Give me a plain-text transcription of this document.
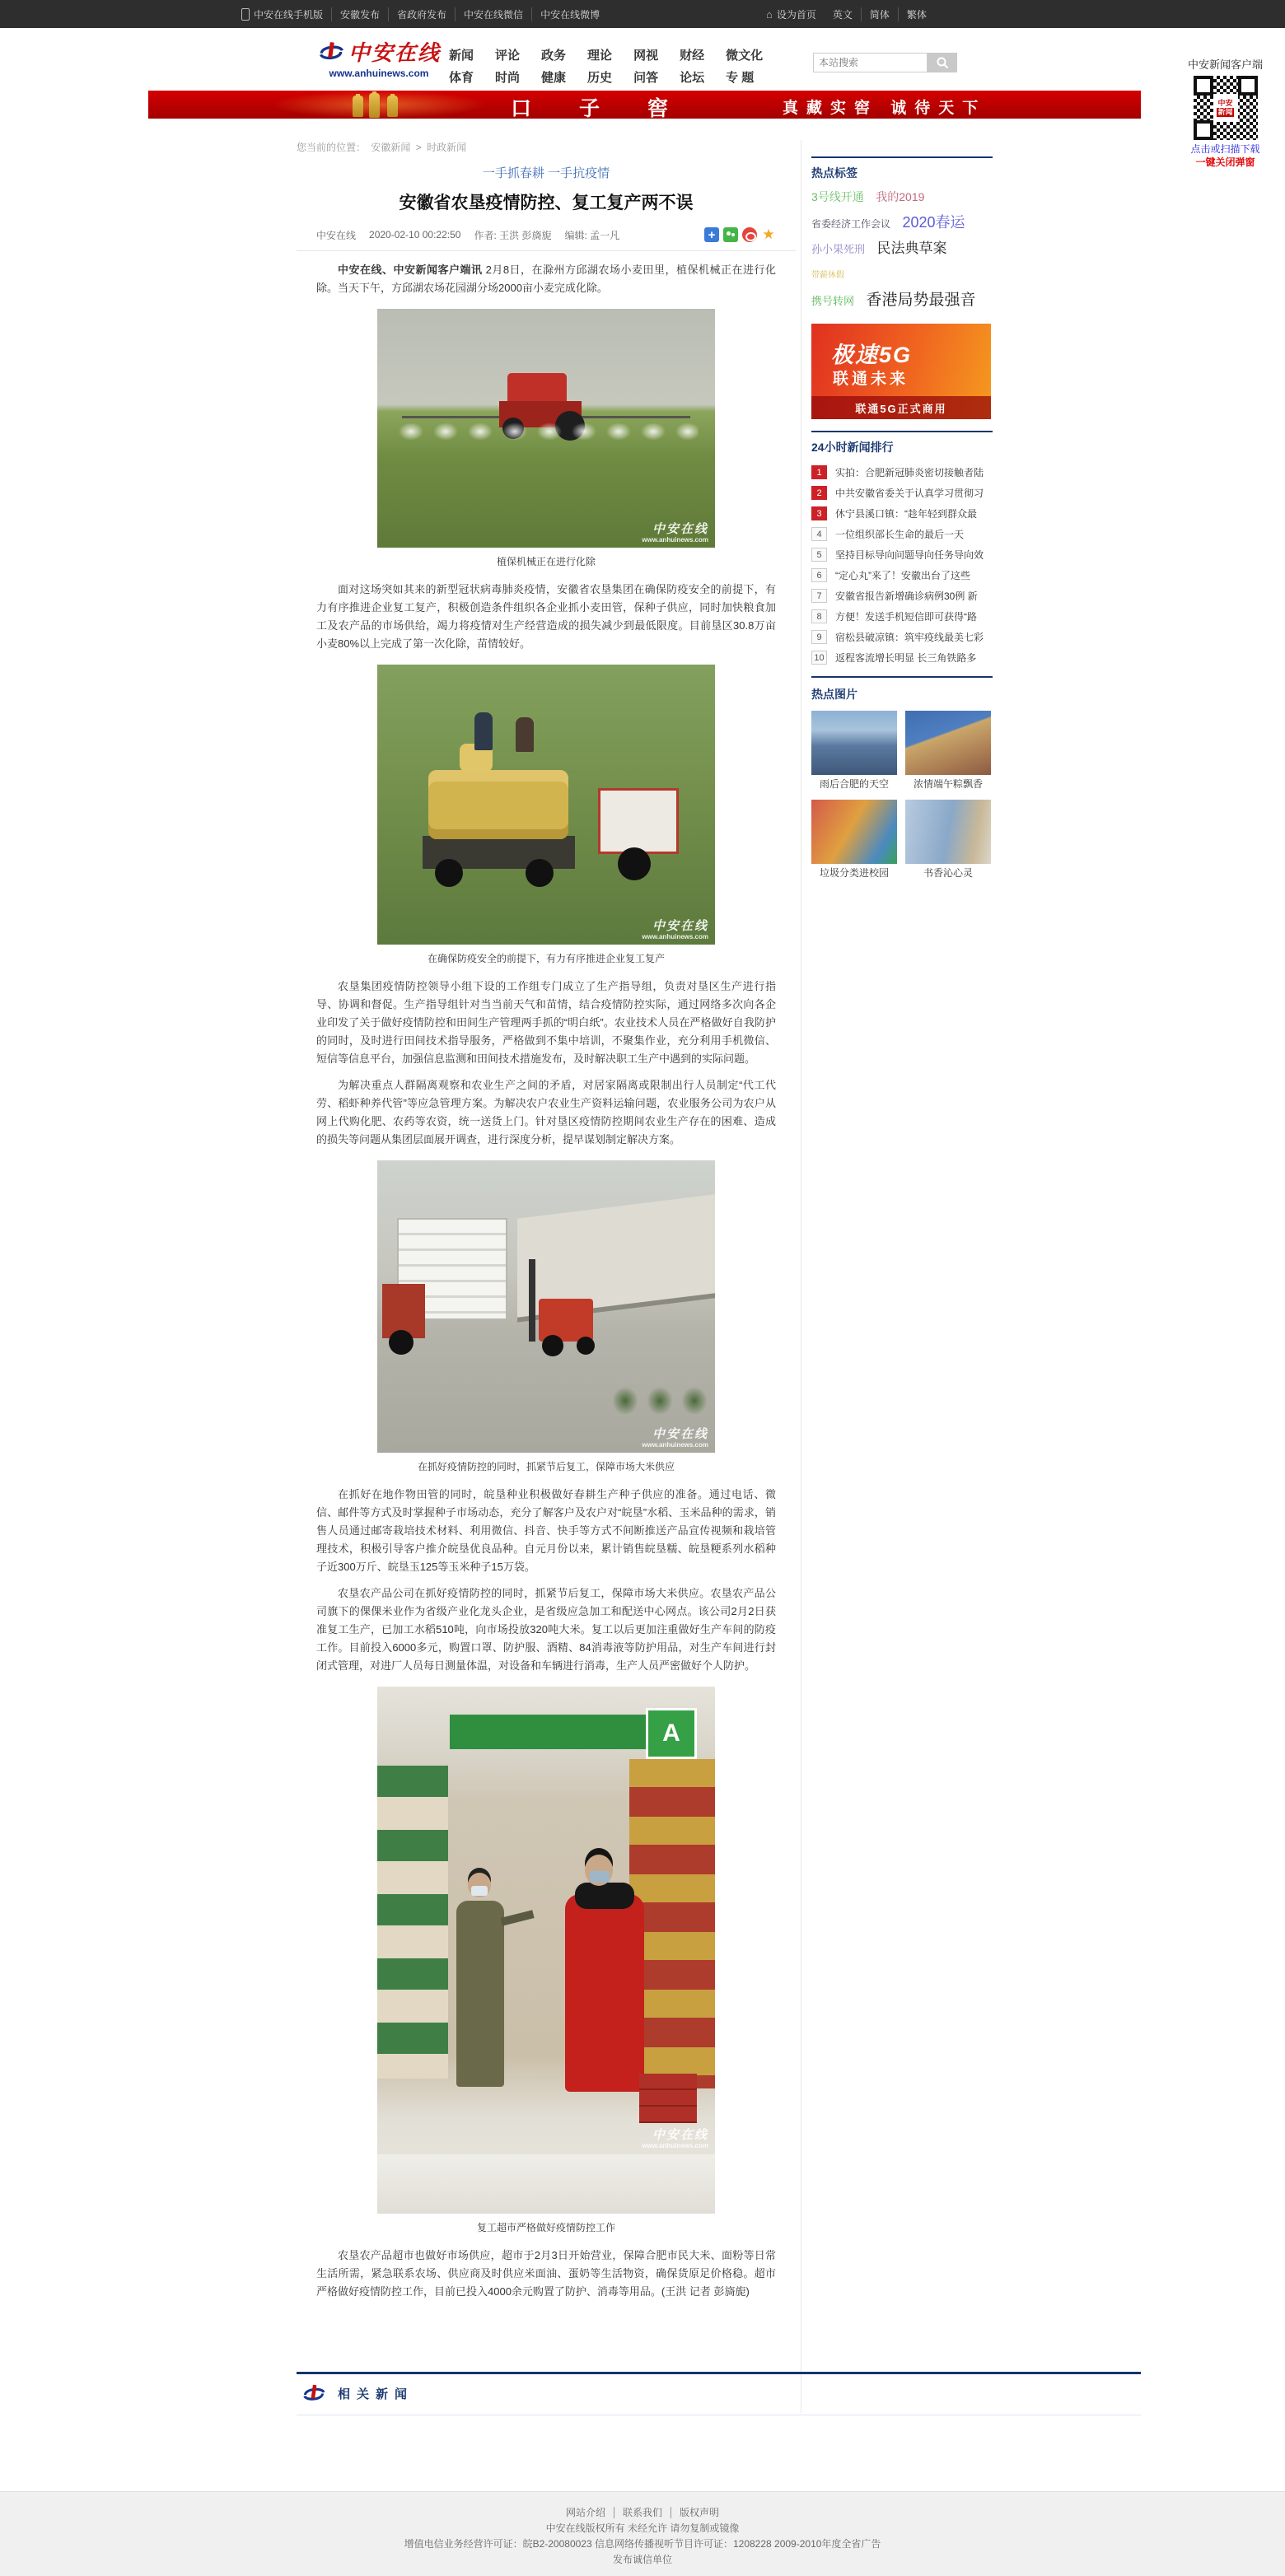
中安在线手机版 安徽发布 省政府发布 中安在线微信 中安在线微博	⌂ 设为首页 英文 简体 繁体
中安在线
www.anhuinews.com
新闻 评论 政务 理论 网视 财经 微文化
体育 时尚 健康 历史 问答 论坛 专 题
本站搜索
中安新闻客户端
中安
新闻
点击或扫描下载
一键关闭弹窗
口子窖	真藏实窖 诚待天下
您当前的位置： 安徽新闻 > 时政新闻
一手抓春耕 一手抗疫情
安徽省农垦疫情防控、复工复产两不误
中安在线 2020-02-10 00:22:50 作者: 王洪 彭旖旎 编辑: 孟一凡	+	★

中安在线、中安新闻客户端讯 2月8日，在滁州方邱湖农场小麦田里，植保机械正在进行化除。当天下午，方邱湖农场花园湖分场2000亩小麦完成化除。

中安在线
www.anhuinews.com
植保机械正在进行化除

面对这场突如其来的新型冠状病毒肺炎疫情，安徽省农垦集团在确保防疫安全的前提下，有力有序推进企业复工复产，积极创造条件组织各企业抓小麦田管，保种子供应，同时加快粮食加工及农产品的市场供给，竭力将疫情对生产经营造成的损失减少到最低限度。目前垦区30.8万亩小麦80%以上完成了第一次化除，苗情较好。

中安在线
www.anhuinews.com
在确保防疫安全的前提下，有力有序推进企业复工复产

农垦集团疫情防控领导小组下设的工作组专门成立了生产指导组，负责对垦区生产进行指导、协调和督促。生产指导组针对当当前天气和苗情，结合疫情防控实际，通过网络多次向各企业印发了关于做好疫情防控和田间生产管理两手抓的“明白纸”。农业技术人员在严格做好自我防护的同时，及时进行田间技术指导服务，严格做到不集中培训，不聚集作业，充分利用手机微信、短信等信息平台，加强信息监测和田间技术措施发布，及时解决职工生产中遇到的实际问题。

为解决重点人群隔离观察和农业生产之间的矛盾，对居家隔离或限制出行人员制定“代工代劳、稻虾种养代管”等应急管理方案。为解决农户农业生产资料运输问题，农业服务公司为农户从网上代购化肥、农药等农资，统一送货上门。针对垦区疫情防控期间农业生产存在的困难、造成的损失等问题从集团层面展开调查，进行深度分析，提早谋划制定解决方案。

中安在线
www.anhuinews.com
在抓好疫情防控的同时，抓紧节后复工，保障市场大米供应

在抓好在地作物田管的同时，皖垦种业积极做好春耕生产种子供应的准备。通过电话、微信、邮件等方式及时掌握种子市场动态，充分了解客户及农户对“皖垦”水稻、玉米品种的需求，销售人员通过邮寄栽培技术材料、利用微信、抖音、快手等方式不间断推送产品宣传视频和栽培管理技术，积极引导客户推介皖垦优良品种。自元月份以来，累计销售皖垦糯、皖垦粳系列水稻种子近300万斤、皖垦玉125等玉米种子15万袋。

农垦农产品公司在抓好疫情防控的同时，抓紧节后复工，保障市场大米供应。农垦农产品公司旗下的倮倮米业作为省级产业化龙头企业，是省级应急加工和配送中心网点。该公司2月2日获准复工生产，已加工水稻510吨，向市场投放320吨大米。复工以后更加注重做好生产车间的防疫工作。目前投入6000多元，购置口罩、防护服、酒精、84消毒液等防护用品，对生产车间进行封闭式管理，对进厂人员每日测量体温，对设备和车辆进行消毒，生产人员严密做好个人防护。

A
中安在线
www.anhuinews.com
复工超市严格做好疫情防控工作

农垦农产品超市也做好市场供应，超市于2月3日开始营业，保障合肥市民大米、面粉等日常生活所需，紧急联系农场、供应商及时供应米面油、蛋奶等生活物资，确保货原足价格稳。超市严格做好疫情防控工作，目前已投入4000余元购置了防护、消毒等用品。(王洪 记者 彭旖旎)

热点标签
3号线开通 我的2019
省委经济工作会议 2020春运
孙小果死刑 民法典草案 带薪休假
携号转网 香港局势最强音
极速5G
联通未来
联通5G正式商用
24小时新闻排行
1	实拍：合肥新冠肺炎密切接触者陆
2	中共安徽省委关于认真学习贯彻习
3	休宁县溪口镇：“趁年轻到群众最
4	一位组织部长生命的最后一天
5	坚持目标导向问题导向任务导向效
6	“定心丸”来了！安徽出台了这些
7	安徽省报告新增确诊病例30例 新
8	方便！发送手机短信即可获得“路
9	宿松县破凉镇：筑牢疫线最美七彩
10 返程客流增长明显 长三角铁路多
热点图片
雨后合肥的天空	浓情端午粽飘香
垃圾分类进校园	书香沁心灵
相关新闻
网站介绍 联系我们 版权声明
中安在线版权所有 未经允许 请勿复制或镜像
增值电信业务经营许可证：皖B2-20080023 信息网络传播视听节目许可证：1208228 2009-2010年度全省广告
发布诚信单位
